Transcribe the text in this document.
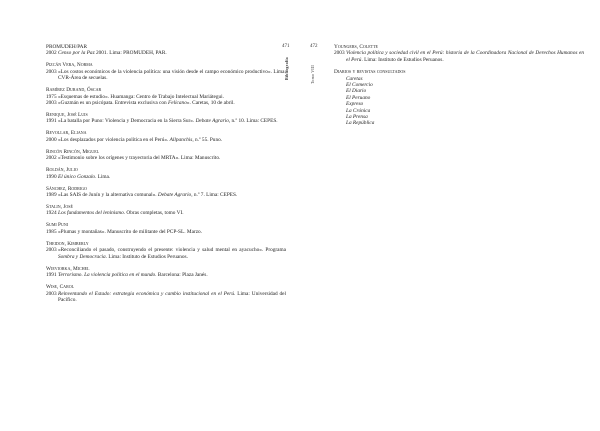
471
Bibliografía
PROMUDEH/PAR
2002 Censo por la Paz 2001. Lima: PROMUDEH, PAR.
Pizcán Vera, Norma
2003 «Los costos económicos de la violencia política: una visión desde el campo económico productivo». Lima: CVR-Área de secuelas.
Ramírez Durand, Óscar
1975 «Esquemas de estudio». Huamanga: Centro de Trabajo Intelectual Mariátegui.
2003 «Guzmán es un psicópata. Entrevista exclusiva con Felicano». Caretas, 10 de abril.
Renique, José Luis
1991 «La batalla por Puno: Violencia y Democracia en la Sierra Sur». Debate Agrario, n.º 10. Lima: CEPES.
Revollar, Eliana
2000 «Los desplazados por violencia política en el Perú». Allpanchis, n.º 55. Puno.
Rincón Rincón, Miguel
2002 «Testimonio sobre los orígenes y trayectoria del MRTA». Lima: Manuscrito.
Roldán, Julio
1990 El único Gonzalo. Lima.
Sánchez, Rodrigo
1989 «Las SAIS de Junín y la alternativa comunal». Debate Agrario, n.º 7. Lima: CEPES.
Stalin, José
1924 Los fundamentos del leninismo. Obras completas, tomo VI.
Sumi Puni
1985 «Plumas y montañas». Manuscrito de militante del PCP-SL. Marzo.
Theidon, Kimberly
2003 «Reconciliando el pasado, construyendo el presente: violencia y salud mental en ayacucho». Programa Sombra y Democracia. Lima: Instituto de Estudios Peruanos.
Wieviorka, Michel
1991 Terrorismo. La violencia política en el mundo. Barcelona: Plaza Janés.
Wise, Carol
2003 Reinventando el Estado: estrategia económica y cambio institucional en el Perú. Lima: Universidad del Pacífico.
472
Tomo VIII
Youngers, Colette
2003 Violencia política y sociedad civil en el Perú: historia de la Coordinadora Nacional de Derechos Humanos en el Perú. Lima: Instituto de Estudios Peruanos.
Diarios y revistas consultados
Caretas
El Comercio
El Diario
El Peruano
Expreso
La Crónica
La Prensa
La República
